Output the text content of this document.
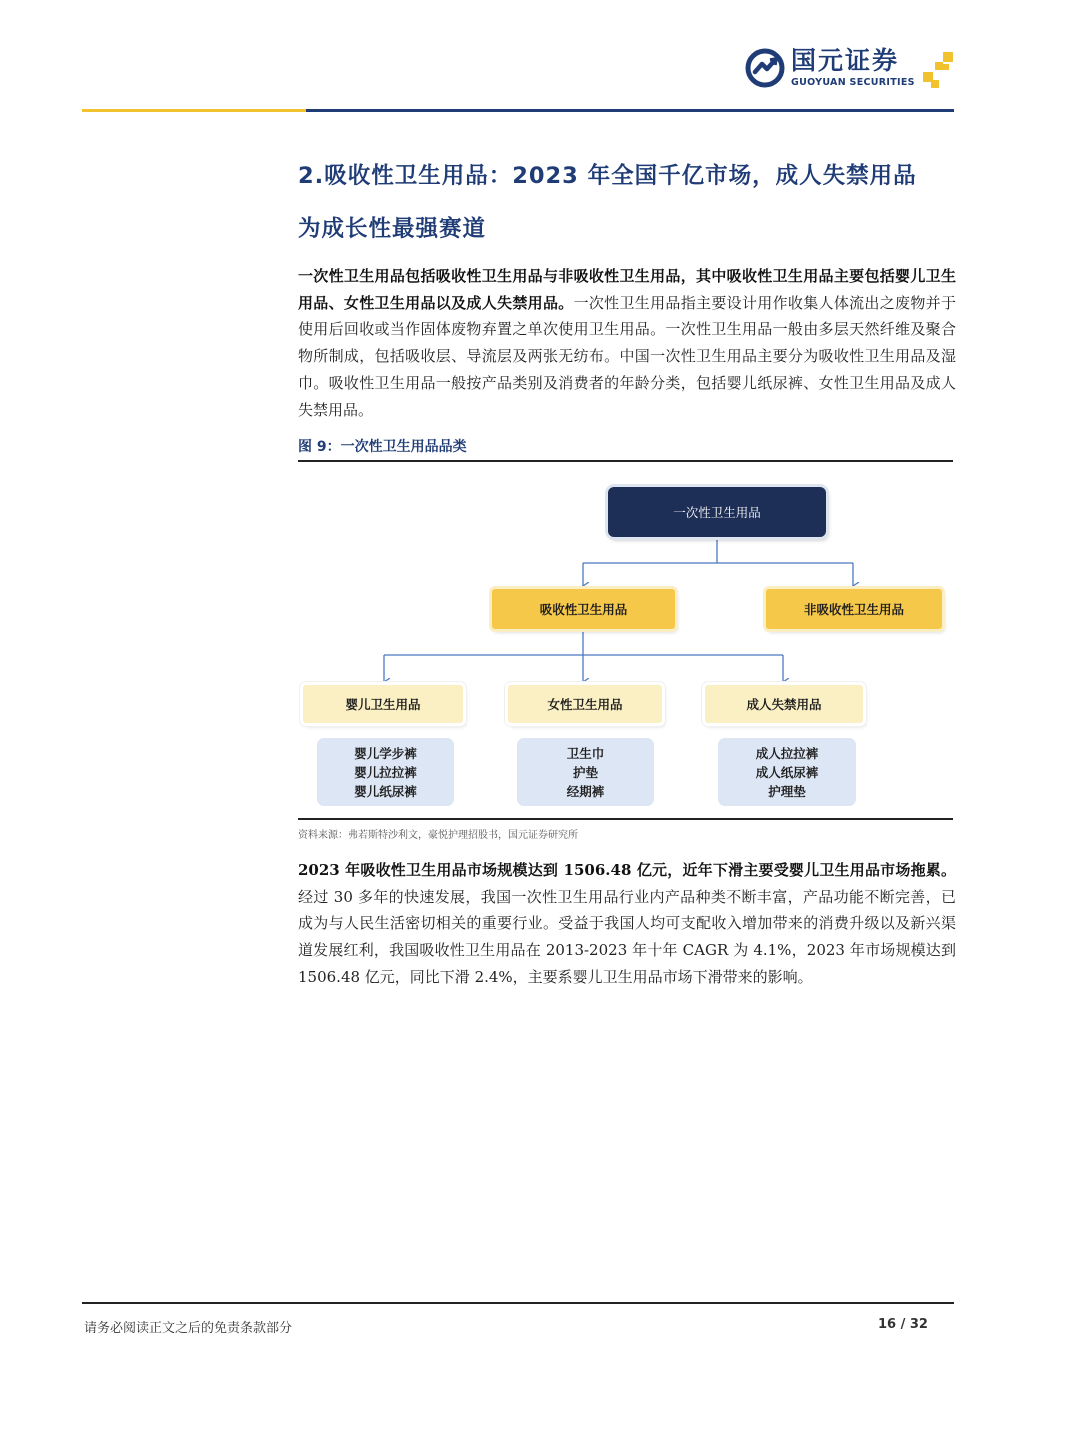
国元证券
GUOYUAN SECURITIES
2.吸收性卫生用品：2023 年全国千亿市场，成人失禁用品
为成长性最强赛道
一次性卫生用品包括吸收性卫生用品与非吸收性卫生用品，其中吸收性卫生用品主要包括婴儿卫生用品、女性卫生用品以及成人失禁用品。一次性卫生用品指主要设计用作收集人体流出之废物并于使用后回收或当作固体废物弃置之单次使用卫生用品。一次性卫生用品一般由多层天然纤维及聚合物所制成，包括吸收层、导流层及两张无纺布。中国一次性卫生用品主要分为吸收性卫生用品及湿巾。吸收性卫生用品一般按产品类别及消费者的年龄分类，包括婴儿纸尿裤、女性卫生用品及成人失禁用品。
图 9：一次性卫生用品品类
一次性卫生用品
吸收性卫生用品	非吸收性卫生用品
婴儿卫生用品	女性卫生用品	成人失禁用品
婴儿学步裤
婴儿拉拉裤
婴儿纸尿裤
卫生巾
护垫
经期裤
成人拉拉裤
成人纸尿裤
护理垫
资料来源：弗若斯特沙利文，豪悦护理招股书，国元证券研究所
2023 年吸收性卫生用品市场规模达到 1506.48 亿元，近年下滑主要受婴儿卫生用品市场拖累。经过 30 多年的快速发展，我国一次性卫生用品行业内产品种类不断丰富，产品功能不断完善，已成为与人民生活密切相关的重要行业。受益于我国人均可支配收入增加带来的消费升级以及新兴渠道发展红利，我国吸收性卫生用品在 2013-2023 年十年 CAGR 为 4.1%，2023 年市场规模达到 1506.48 亿元，同比下滑 2.4%，主要系婴儿卫生用品市场下滑带来的影响。
请务必阅读正文之后的免责条款部分	16 / 32
